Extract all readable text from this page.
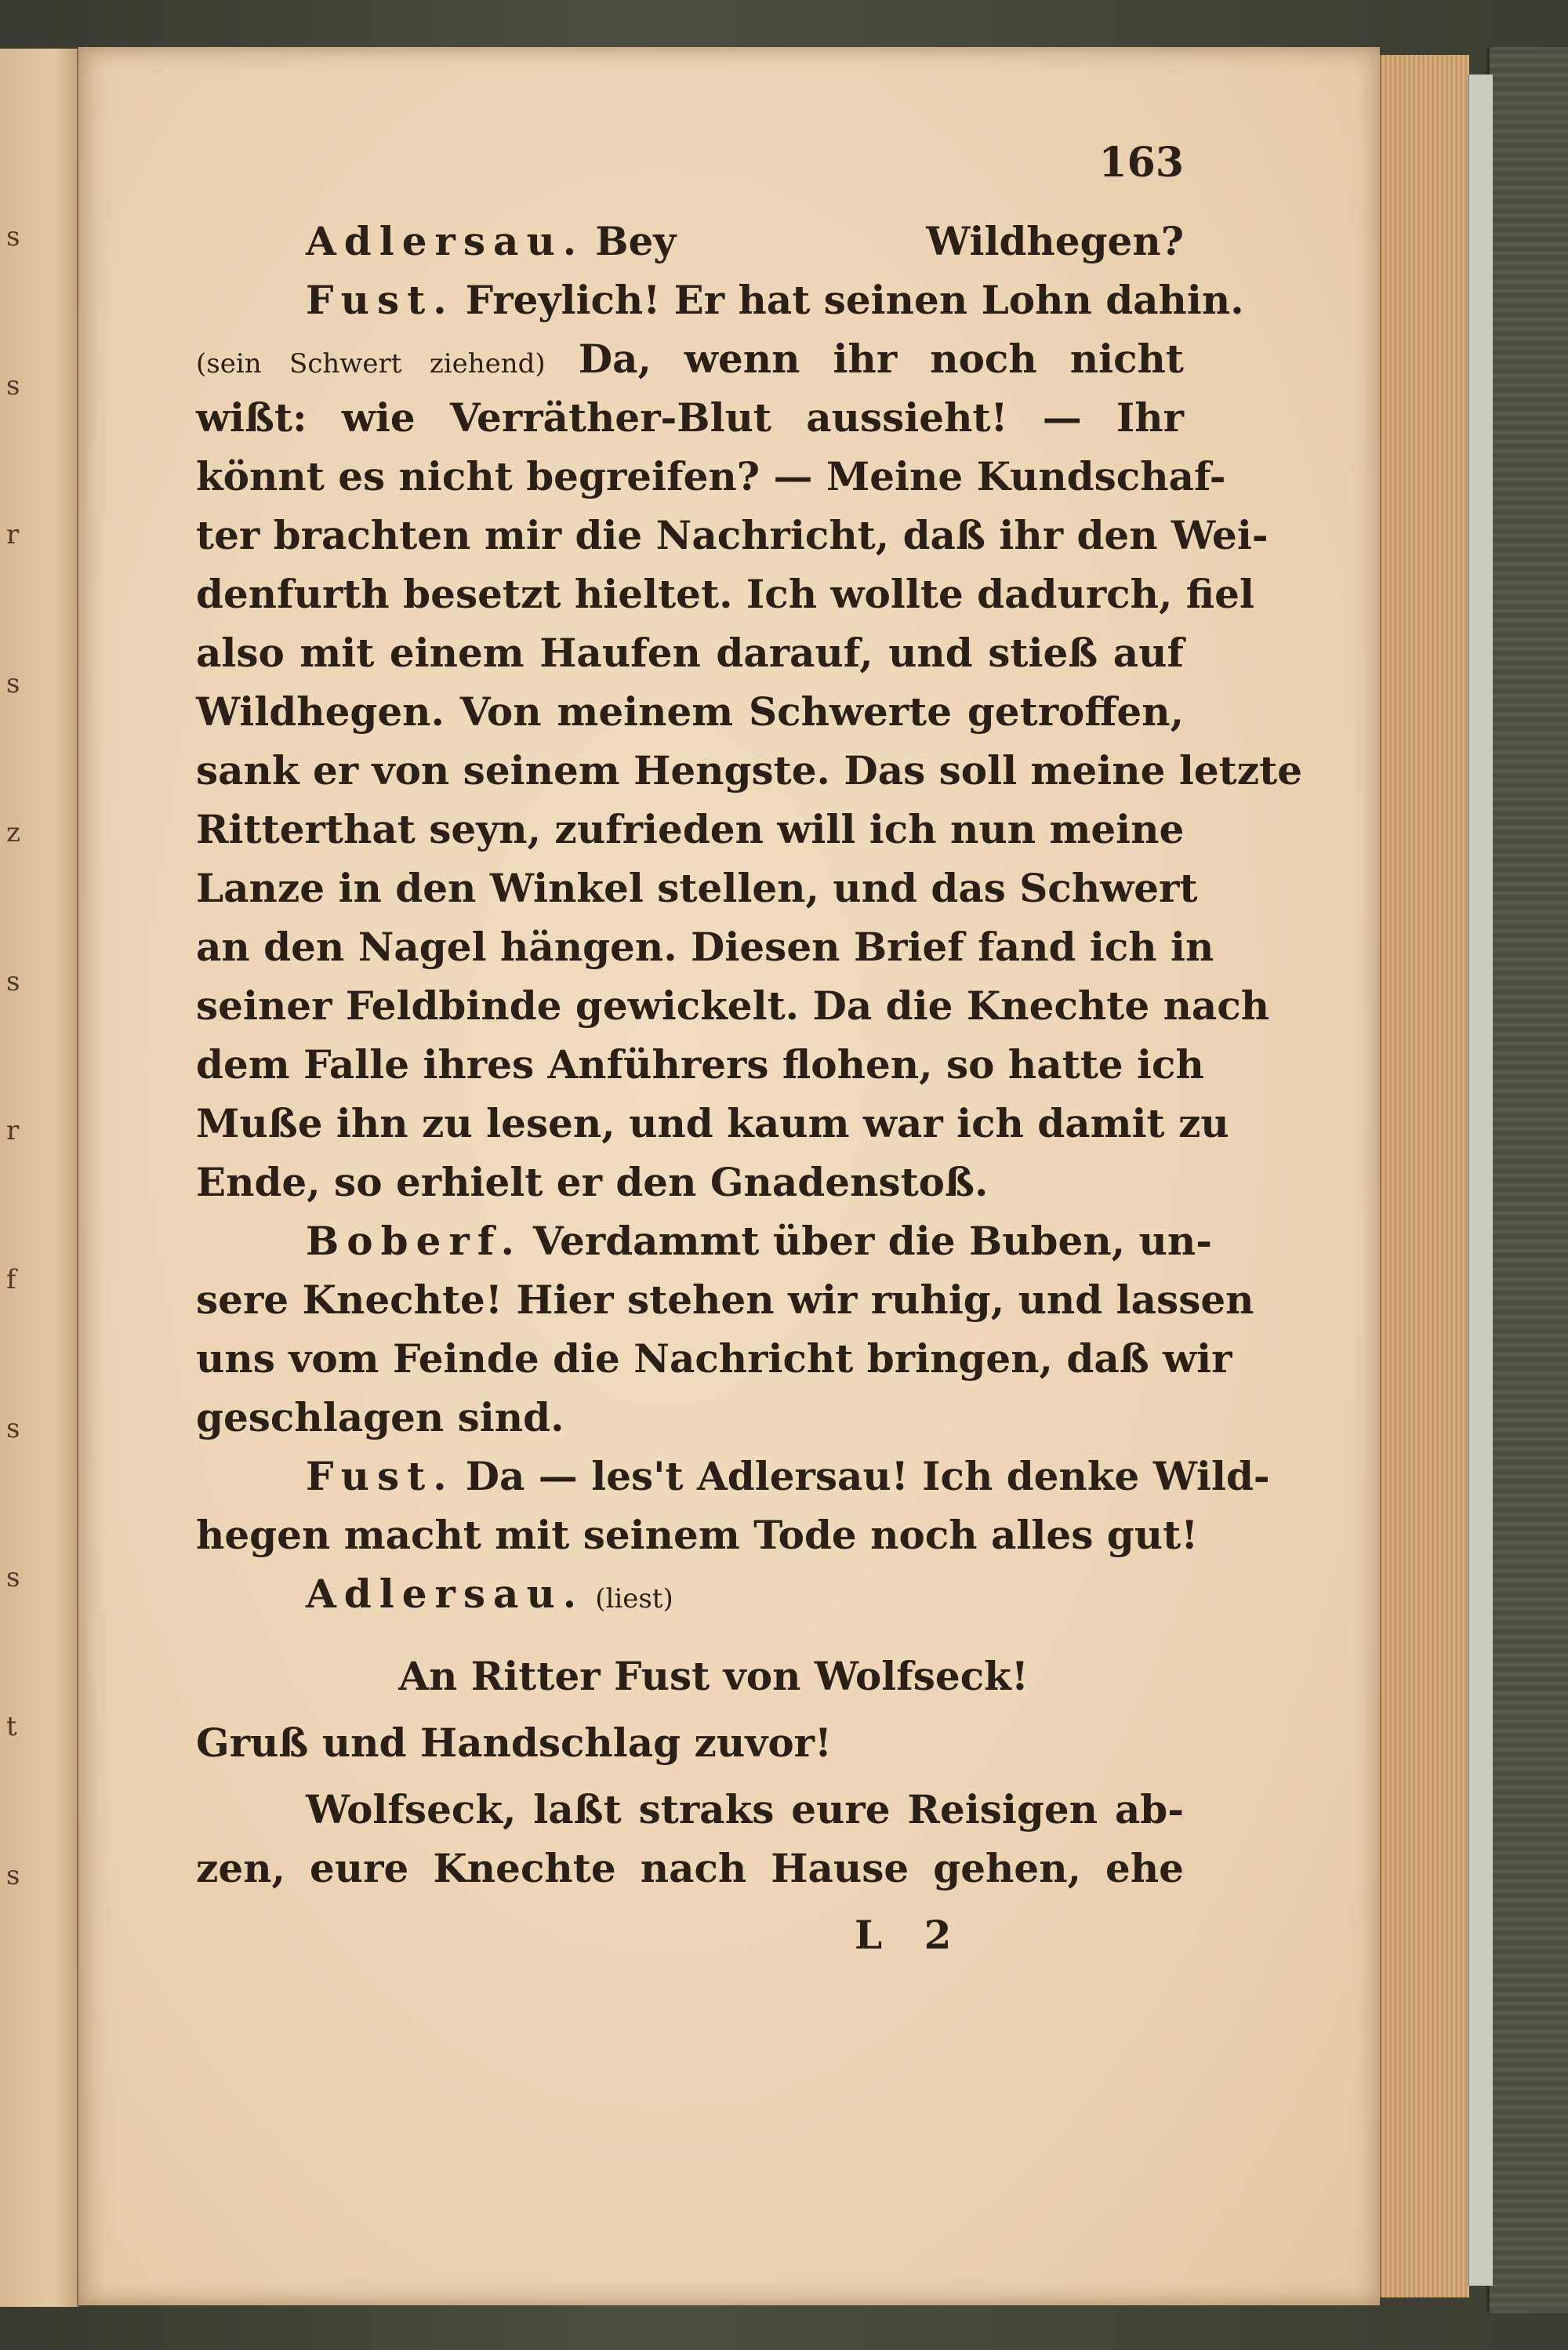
s
s
r
s
z
s
r
f
s
s
t
s
163
Adlersau. Bey Wildhegen?
Fust. Freylich! Er hat seinen Lohn dahin.
(sein Schwert ziehend) Da, wenn ihr noch nicht
wißt: wie Verräther-Blut aussieht! — Ihr
könnt es nicht begreifen? — Meine Kundschaf-
ter brachten mir die Nachricht, daß ihr den Wei-
denfurth besetzt hieltet. Ich wollte dadurch, fiel
also mit einem Haufen darauf, und stieß auf
Wildhegen. Von meinem Schwerte getroffen,
sank er von seinem Hengste. Das soll meine letzte
Ritterthat seyn, zufrieden will ich nun meine
Lanze in den Winkel stellen, und das Schwert
an den Nagel hängen. Diesen Brief fand ich in
seiner Feldbinde gewickelt. Da die Knechte nach
dem Falle ihres Anführers flohen, so hatte ich
Muße ihn zu lesen, und kaum war ich damit zu
Ende, so erhielt er den Gnadenstoß.
Boberf. Verdammt über die Buben, un-
sere Knechte! Hier stehen wir ruhig, und lassen
uns vom Feinde die Nachricht bringen, daß wir
geschlagen sind.
Fust. Da — les't Adlersau! Ich denke Wild-
hegen macht mit seinem Tode noch alles gut!
Adlersau. (liest)
An Ritter Fust von Wolfseck!
Gruß und Handschlag zuvor!
Wolfseck, laßt straks eure Reisigen ab-
zen, eure Knechte nach Hause gehen, ehe
L 2
